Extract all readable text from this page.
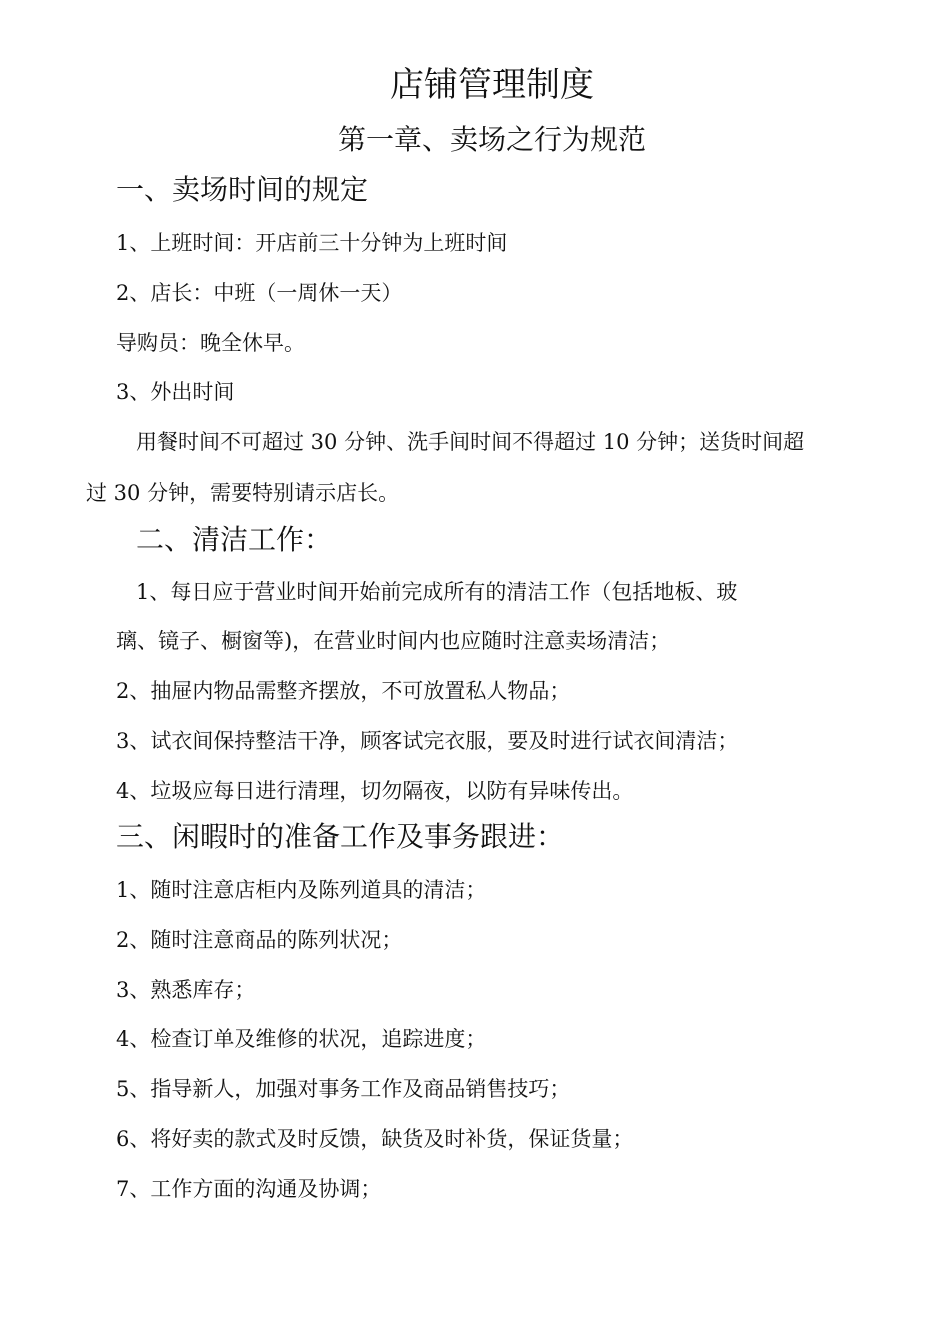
店铺管理制度
第一章、卖场之行为规范
一、卖场时间的规定
1、上班时间：开店前三十分钟为上班时间
2、店长：中班（一周休一天）
导购员：晚全休早。
3、外出时间
用餐时间不可超过 30 分钟、洗手间时间不得超过 10 分钟；送货时间超
过 30 分钟，需要特别请示店长。
二、清洁工作：
1、每日应于营业时间开始前完成所有的清洁工作（包括地板、玻
璃、镜子、橱窗等)，在营业时间内也应随时注意卖场清洁；
2、抽屉内物品需整齐摆放，不可放置私人物品；
3、试衣间保持整洁干净，顾客试完衣服，要及时进行试衣间清洁；
4、垃圾应每日进行清理，切勿隔夜，以防有异味传出。
三、闲暇时的准备工作及事务跟进：
1、随时注意店柜内及陈列道具的清洁；
2、随时注意商品的陈列状况；
3、熟悉库存；
4、检查订单及维修的状况，追踪进度；
5、指导新人，加强对事务工作及商品销售技巧；
6、将好卖的款式及时反馈，缺货及时补货，保证货量；
7、工作方面的沟通及协调；
